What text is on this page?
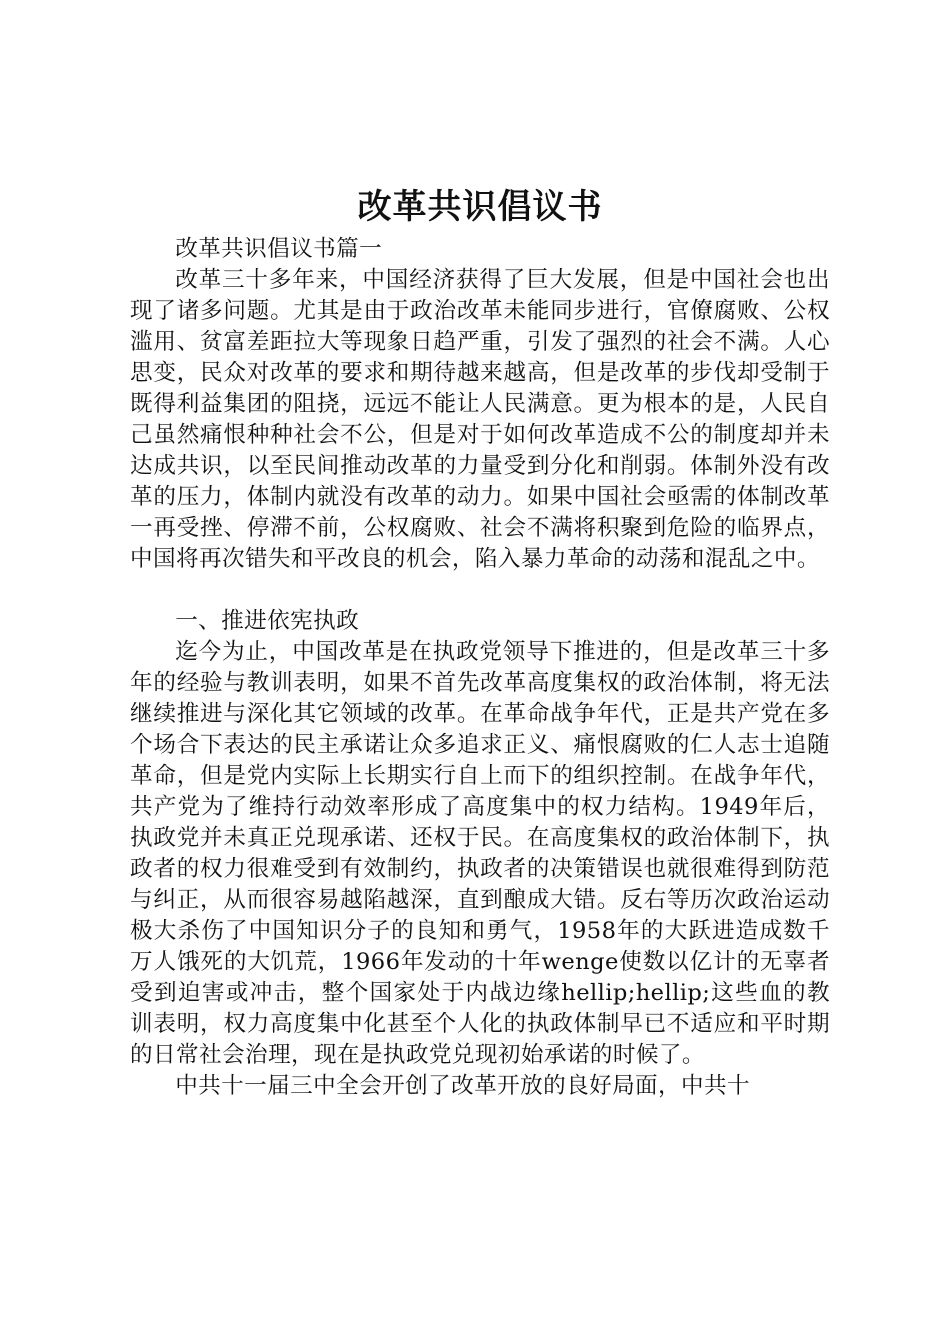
改革共识倡议书

改革共识倡议书篇一

改革三十多年来，中国经济获得了巨大发展，但是中国社会也出现了诸多问题。尤其是由于政治改革未能同步进行，官僚腐败、公权滥用、贫富差距拉大等现象日趋严重，引发了强烈的社会不满。人心思变，民众对改革的要求和期待越来越高，但是改革的步伐却受制于既得利益集团的阻挠，远远不能让人民满意。更为根本的是，人民自己虽然痛恨种种社会不公，但是对于如何改革造成不公的制度却并未达成共识，以至民间推动改革的力量受到分化和削弱。体制外没有改革的压力，体制内就没有改革的动力。如果中国社会亟需的体制改革一再受挫、停滞不前，公权腐败、社会不满将积聚到危险的临界点，中国将再次错失和平改良的机会，陷入暴力革命的动荡和混乱之中。

一、推进依宪执政

迄今为止，中国改革是在执政党领导下推进的，但是改革三十多年的经验与教训表明，如果不首先改革高度集权的政治体制，将无法继续推进与深化其它领域的改革。在革命战争年代，正是共产党在多个场合下表达的民主承诺让众多追求正义、痛恨腐败的仁人志士追随革命，但是党内实际上长期实行自上而下的组织控制。在战争年代，共产党为了维持行动效率形成了高度集中的权力结构。1949年后，执政党并未真正兑现承诺、还权于民。在高度集权的政治体制下，执政者的权力很难受到有效制约，执政者的决策错误也就很难得到防范与纠正，从而很容易越陷越深，直到酿成大错。反右等历次政治运动极大杀伤了中国知识分子的良知和勇气，1958年的大跃进造成数千万人饿死的大饥荒，1966年发动的十年wenge使数以亿计的无辜者受到迫害或冲击，整个国家处于内战边缘hellip;hellip;这些血的教训表明，权力高度集中化甚至个人化的执政体制早已不适应和平时期的日常社会治理，现在是执政党兑现初始承诺的时候了。

中共十一届三中全会开创了改革开放的良好局面，中共十
